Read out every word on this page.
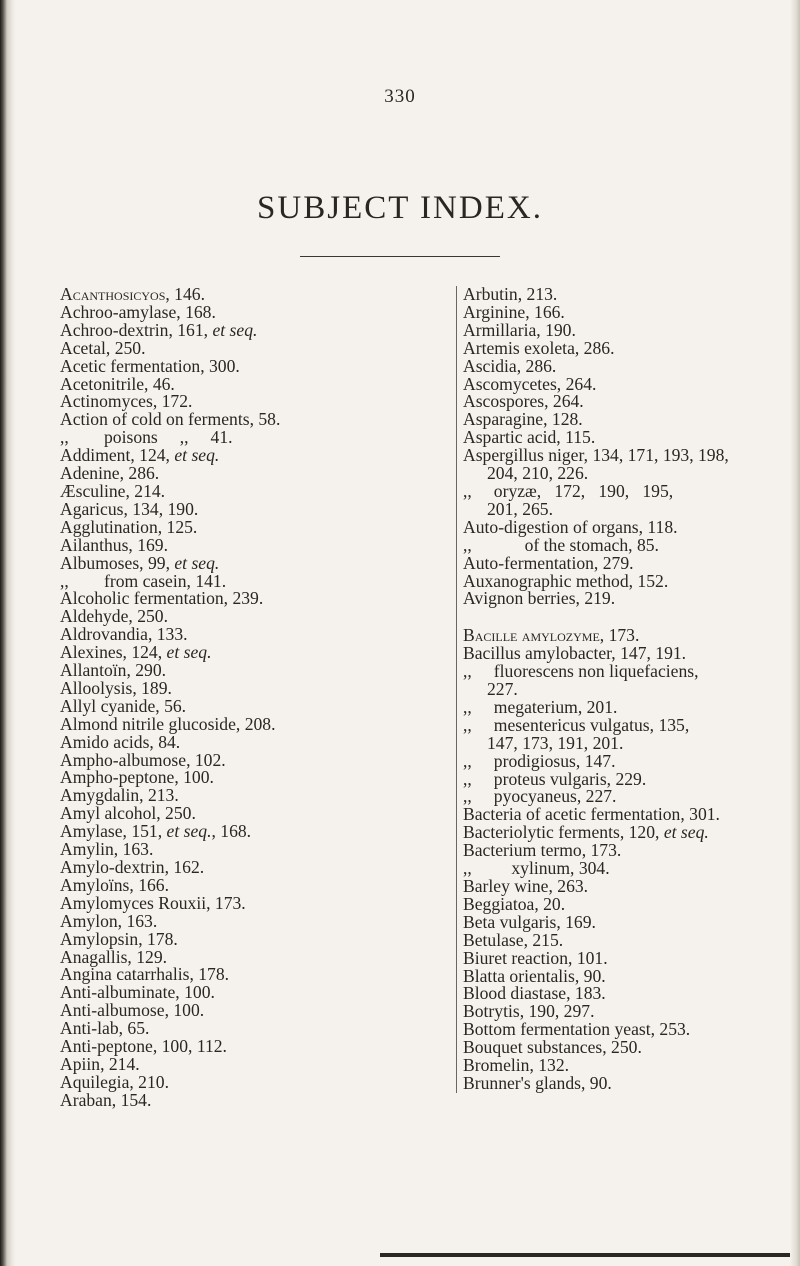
330
SUBJECT INDEX.
Acanthosicyos, 146.
Achroo-amylase, 168.
Achroo-dextrin, 161, et seq.
Acetal, 250.
Acetic fermentation, 300.
Acetonitrile, 46.
Actinomyces, 172.
Action of cold on ferments, 58.
,,        poisons     ,,     41.
Addiment, 124, et seq.
Adenine, 286.
Æsculine, 214.
Agaricus, 134, 190.
Agglutination, 125.
Ailanthus, 169.
Albumoses, 99, et seq.
,,        from casein, 141.
Alcoholic fermentation, 239.
Aldehyde, 250.
Aldrovandia, 133.
Alexines, 124, et seq.
Allantoïn, 290.
Alloolysis, 189.
Allyl cyanide, 56.
Almond nitrile glucoside, 208.
Amido acids, 84.
Ampho-albumose, 102.
Ampho-peptone, 100.
Amygdalin, 213.
Amyl alcohol, 250.
Amylase, 151, et seq., 168.
Amylin, 163.
Amylo-dextrin, 162.
Amyloïns, 166.
Amylomyces Rouxii, 173.
Amylon, 163.
Amylopsin, 178.
Anagallis, 129.
Angina catarrhalis, 178.
Anti-albuminate, 100.
Anti-albumose, 100.
Anti-lab, 65.
Anti-peptone, 100, 112.
Apiin, 214.
Aquilegia, 210.
Araban, 154.
Arbutin, 213.
Arginine, 166.
Armillaria, 190.
Artemis exoleta, 286.
Ascidia, 286.
Ascomycetes, 264.
Ascospores, 264.
Asparagine, 128.
Aspartic acid, 115.
Aspergillus niger, 134, 171, 193, 198,
204, 210, 226.
,,     oryzæ,   172,   190,   195,
201, 265.
Auto-digestion of organs, 118.
,,            of the stomach, 85.
Auto-fermentation, 279.
Auxanographic method, 152.
Avignon berries, 219.
Bacille amylozyme, 173.
Bacillus amylobacter, 147, 191.
,,     fluorescens non liquefaciens,
227.
,,     megaterium, 201.
,,     mesentericus vulgatus, 135,
147, 173, 191, 201.
,,     prodigiosus, 147.
,,     proteus vulgaris, 229.
,,     pyocyaneus, 227.
Bacteria of acetic fermentation, 301.
Bacteriolytic ferments, 120, et seq.
Bacterium termo, 173.
,,         xylinum, 304.
Barley wine, 263.
Beggiatoa, 20.
Beta vulgaris, 169.
Betulase, 215.
Biuret reaction, 101.
Blatta orientalis, 90.
Blood diastase, 183.
Botrytis, 190, 297.
Bottom fermentation yeast, 253.
Bouquet substances, 250.
Bromelin, 132.
Brunner's glands, 90.
